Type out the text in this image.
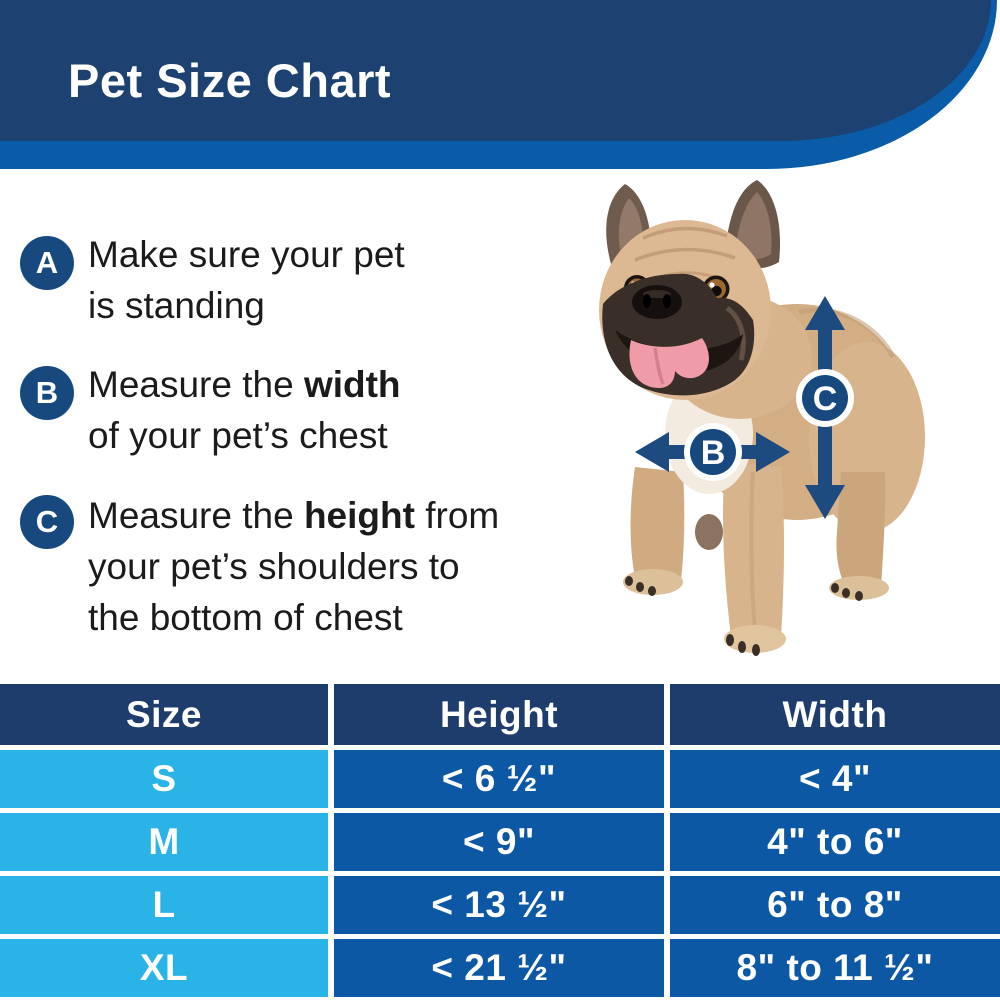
Pet Size Chart
A Make sure your pet
is standing
B Measure the width
of your pet’s chest
C Measure the height from
your pet’s shoulders to
the bottom of chest
C
B
Size	Height	Width
S	< 6 ½"	< 4"
M	< 9"	4" to 6"
L	< 13 ½"	6" to 8"
XL	< 21 ½"	8" to 11 ½"
